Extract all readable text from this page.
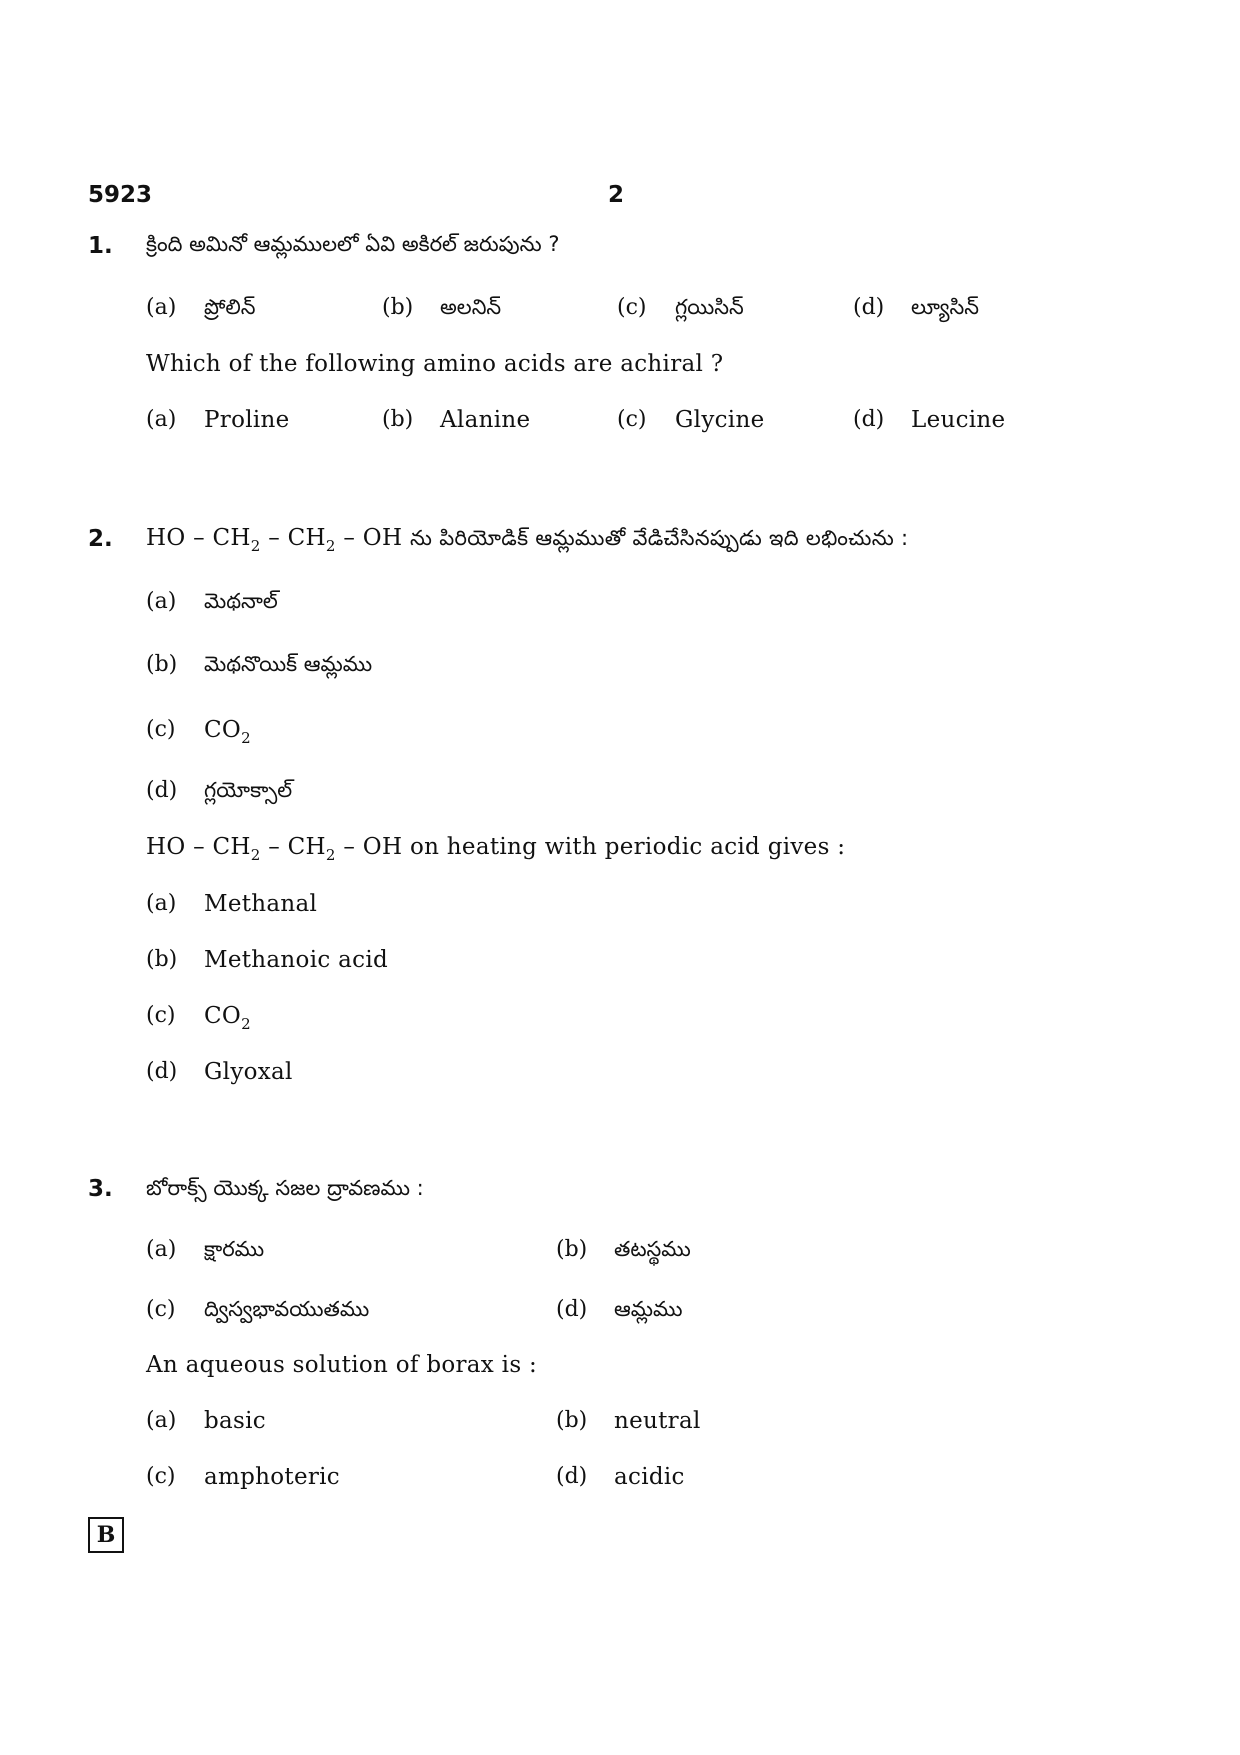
5923	2
1. క్రింది అమినో ఆమ్లములలో ఏవి అకిరల్ జరుపును ?
(a) ప్రోలిన్	(b) అలనిన్	(c) గ్లయిసిన్	(d) ల్యూసిన్
Which of the following amino acids are achiral ?
(a) Proline	(b) Alanine	(c) Glycine	(d) Leucine
2. HO – $CH_2 - CH_2$ – OH ను పిరియోడిక్ ఆమ్లముతో వేడిచేసినప్పుడు ఇది లభించును :
(a) మెథనాల్
(b) మెథనొయిక్ ఆమ్లము
(c) $CO_2$
(d) గ్లయోక్సాల్
HO – $CH_2 - CH_2$ – OH on heating with periodic acid gives :
(a) Methanal
(b) Methanoic acid
(c) $CO_2$
(d) Glyoxal
3. బోరాక్స్ యొక్క సజల ద్రావణము :
(a) క్షారము	(b) తటస్థము
(c) ద్విస్వభావయుతము	(d) ఆమ్లము
An aqueous solution of borax is :
(a) basic	(b) neutral
(c) amphoteric	(d) acidic
B
